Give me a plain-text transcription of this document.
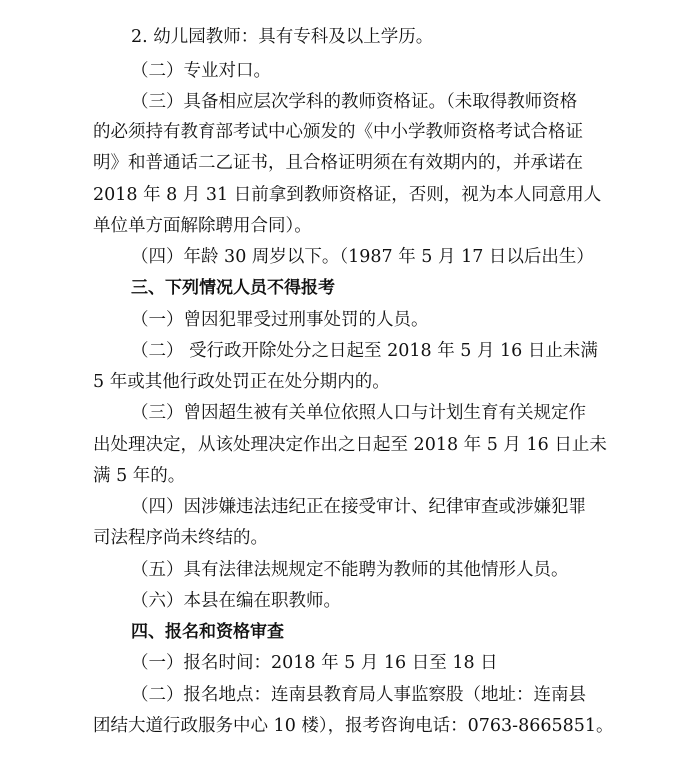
2. 幼儿园教师：具有专科及以上学历。
（二）专业对口。
（三）具备相应层次学科的教师资格证。（未取得教师资格
的必须持有教育部考试中心颁发的《中小学教师资格考试合格证
明》和普通话二乙证书，且合格证明须在有效期内的，并承诺在
2018 年 8 月 31 日前拿到教师资格证，否则，视为本人同意用人
单位单方面解除聘用合同）。
（四）年龄 30 周岁以下。（1987 年 5 月 17 日以后出生）
三、下列情况人员不得报考
（一）曾因犯罪受过刑事处罚的人员。
（二） 受行政开除处分之日起至 2018 年 5 月 16 日止未满
5 年或其他行政处罚正在处分期内的。
（三）曾因超生被有关单位依照人口与计划生育有关规定作
出处理决定，从该处理决定作出之日起至 2018 年 5 月 16 日止未
满 5 年的。
（四）因涉嫌违法违纪正在接受审计、纪律审查或涉嫌犯罪
司法程序尚未终结的。
（五）具有法律法规规定不能聘为教师的其他情形人员。
（六）本县在编在职教师。
四、报名和资格审查
（一）报名时间：2018 年 5 月 16 日至 18 日
（二）报名地点：连南县教育局人事监察股（地址：连南县
团结大道行政服务中心 10 楼），报考咨询电话：0763-8665851。
